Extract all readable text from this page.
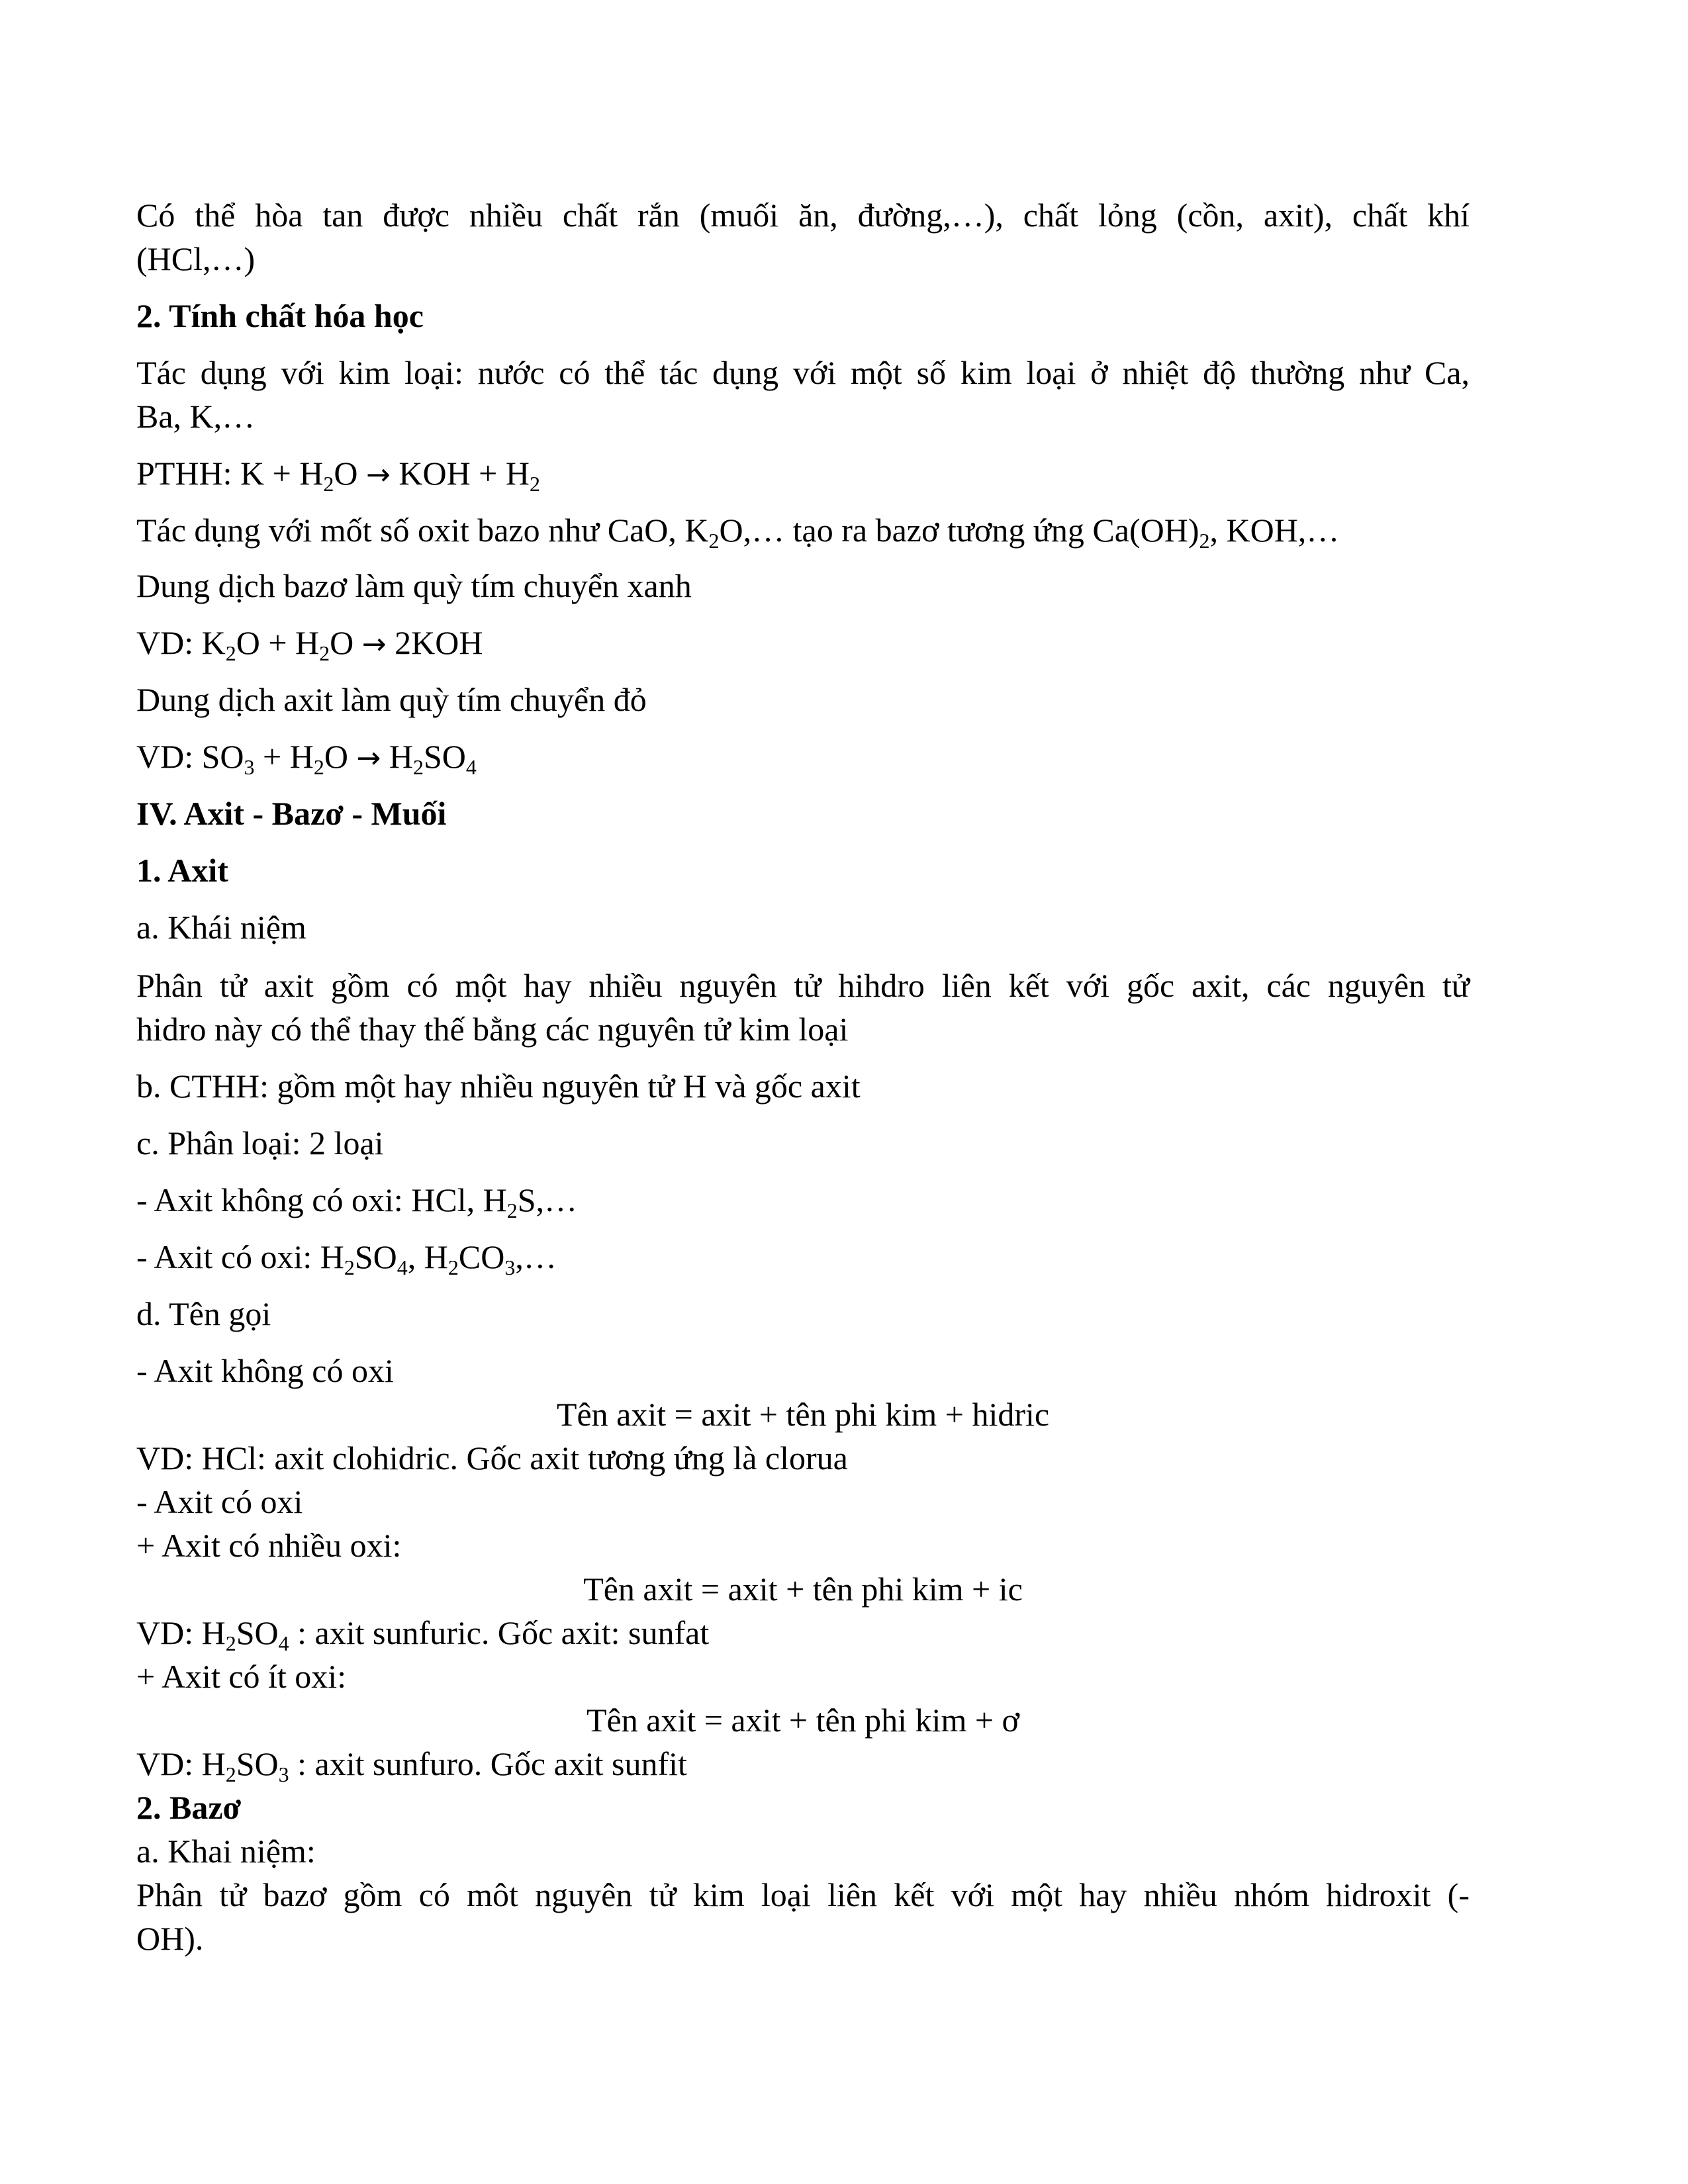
Có thể hòa tan được nhiều chất rắn (muối ăn, đường,…), chất lỏng (cồn, axit), chất khí
(HCl,…)
2. Tính chất hóa học
Tác dụng với kim loại: nước có thể tác dụng với một số kim loại ở nhiệt độ thường như Ca,
Ba, K,…
PTHH: $K + H_2O$ → KOH + $H_2$
Tác dụng với mốt số oxit bazo như CaO, $K_2O,\dots$ tạo ra bazơ tương ứng $Ca(OH)_2$, KOH,…
Dung dịch bazơ làm quỳ tím chuyển xanh
VD: $K_2O + H_2O \to 2KOH$
Dung dịch axit làm quỳ tím chuyển đỏ
VD: $SO_3 + H_2O \to H_2SO_4$
IV. Axit - Bazơ - Muối
1. Axit
a. Khái niệm
Phân tử axit gồm có một hay nhiều nguyên tử hihdro liên kết với gốc axit, các nguyên tử
hidro này có thể thay thế bằng các nguyên tử kim loại
b. CTHH: gồm một hay nhiều nguyên tử H và gốc axit
c. Phân loại: 2 loại
- Axit không có oxi: HCl, $H_2S,\dots$
- Axit có oxi: $H_2SO_4$, $H_2CO_3,\dots$
d. Tên gọi
- Axit không có oxi
Tên axit = axit + tên phi kim + hidric
VD: HCl: axit clohidric. Gốc axit tương ứng là clorua
- Axit có oxi
+ Axit có nhiều oxi:
Tên axit = axit + tên phi kim + ic
VD: $H_2SO_4$ : axit sunfuric. Gốc axit: sunfat
+ Axit có ít oxi:
Tên axit = axit + tên phi kim + ơ
VD: $H_2SO_3$ : axit sunfuro. Gốc axit sunfit
2. Bazơ
a. Khai niệm:
Phân tử bazơ gồm có môt nguyên tử kim loại liên kết với một hay nhiều nhóm hidroxit (-
OH).
